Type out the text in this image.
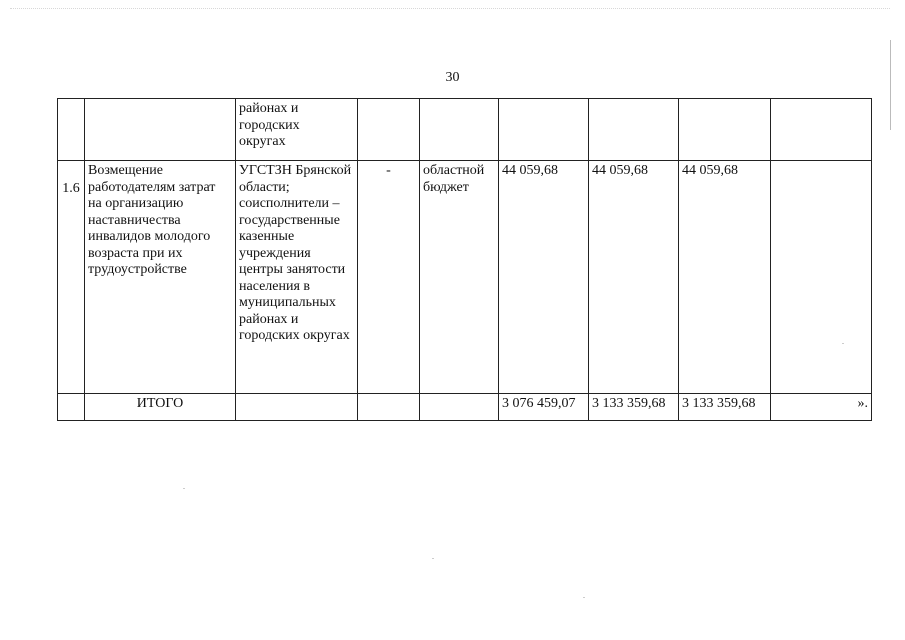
30
		районах и
городских
округах						
1.6	Возмещение работодателям затрат на организацию наставничества инвалидов молодого возраста при их трудоустройстве	УГСТЗН Брянской области; соисполнители – государственные казенные учреждения центры занятости населения в муниципальных районах и городских округах	-	областной бюджет	44 059,68	44 059,68	44 059,68	
	ИТОГО				3 076 459,07	3 133 359,68	3 133 359,68	».
